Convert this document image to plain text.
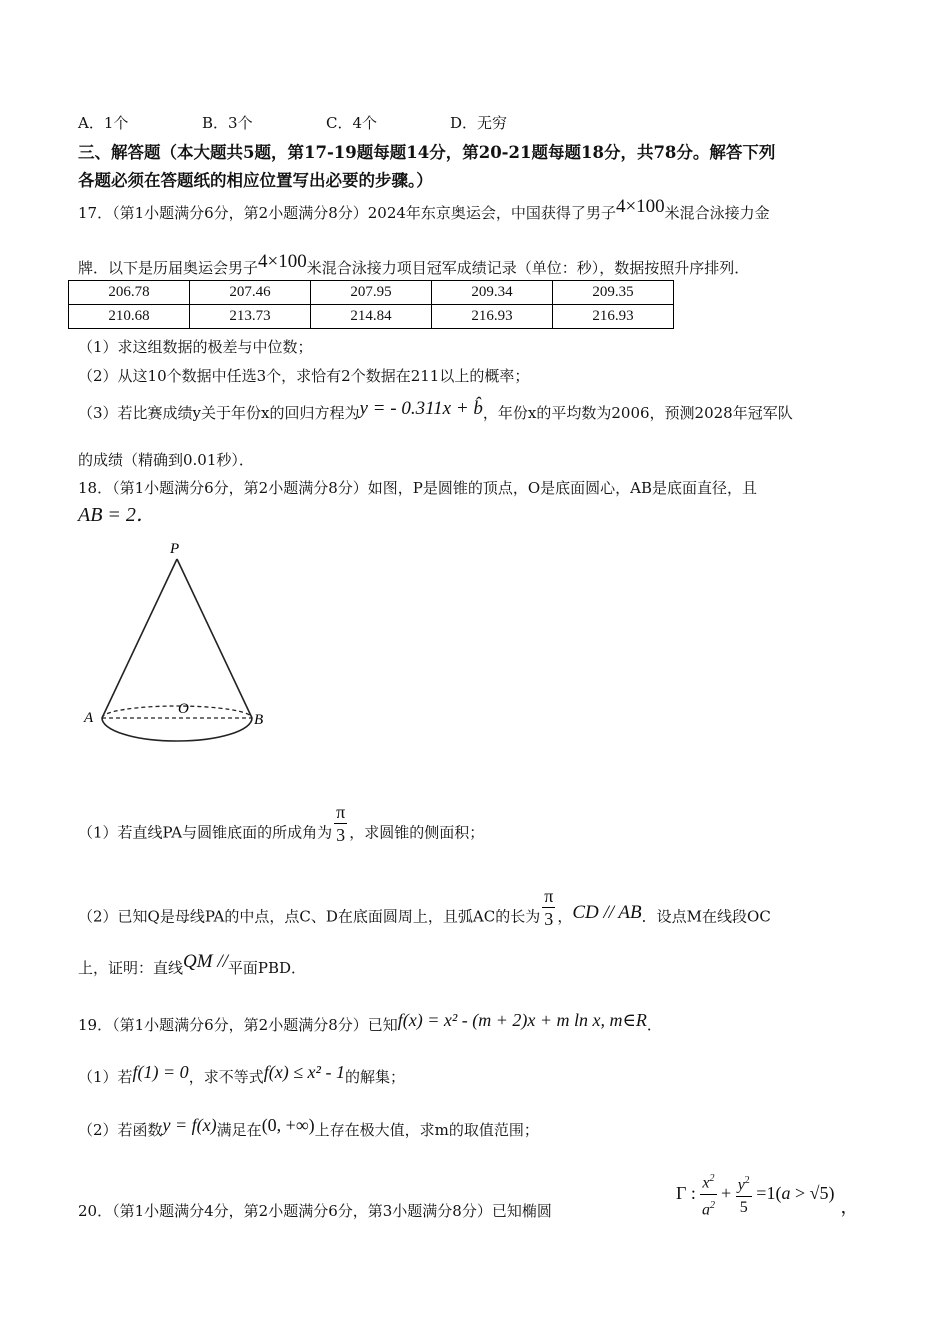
A．1个	B．3个	C．4个	D．无穷
三、解答题（本大题共5题，第17-19题每题14分，第20-21题每题18分，共78分。解答下列
各题必须在答题纸的相应位置写出必要的步骤。）
17．（第1小题满分6分，第2小题满分8分）2024年东京奥运会，中国获得了男子4×100米混合泳接力金
牌．以下是历届奥运会男子4×100米混合泳接力项目冠军成绩记录（单位：秒），数据按照升序排列．
206.78	207.46	207.95	209.34	209.35
210.68	213.73	214.84	216.93	216.93
（1）求这组数据的极差与中位数；
（2）从这10个数据中任选3个，求恰有2个数据在211以上的概率；
（3）若比赛成绩y关于年份x的回归方程为y = - 0.311x + b̂，年份x的平均数为2006，预测2028年冠军队
的成绩（精确到0.01秒）．
18．（第1小题满分6分，第2小题满分8分）如图，P是圆锥的顶点，O是底面圆心，AB是底面直径，且
AB = 2．
P
A	B
O
（1）若直线PA与圆锥底面的所成角为 $\frac{\pi}{3}$ ，求圆锥的侧面积；
（2）已知Q是母线PA的中点，点C、D在底面圆周上，且弧AC的长为 $\frac{\pi}{3}$ ，CD // AB．设点M在线段OC
上，证明：直线QM //平面PBD．
19．（第1小题满分6分，第2小题满分8分）已知f(x) = x² - (m + 2)x + m ln x, m∈R．
（1）若f(1) = 0，求不等式f(x) ≤ x² - 1的解集；
（2）若函数y = f(x)满足在(0, +∞)上存在极大值，求m的取值范围；
20．（第1小题满分4分，第2小题满分6分，第3小题满分8分）已知椭圆
Γ : $\frac{x^2}{a^2} + \frac{y^2}{5} =1(a > √5)$，
